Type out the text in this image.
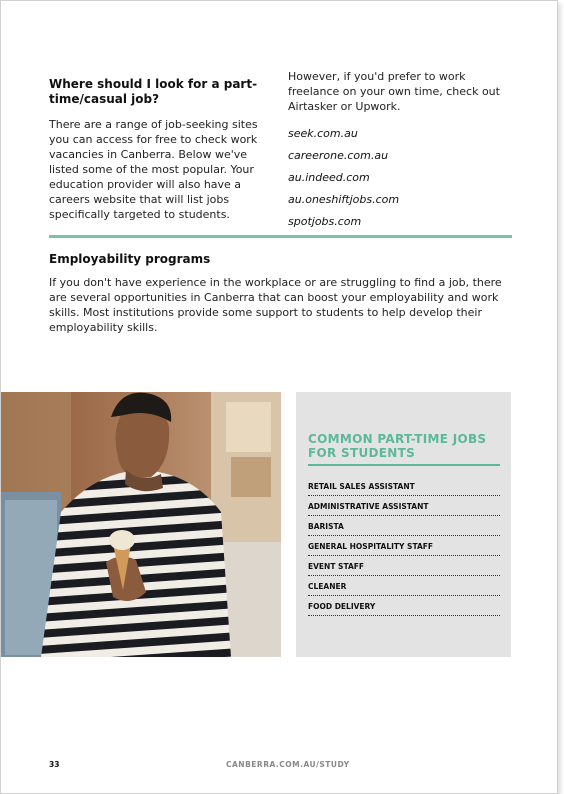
Where should I look for a part-time/casual job?

There are a range of job-seeking sites you can access for free to check work vacancies in Canberra. Below we've listed some of the most popular. Your education provider will also have a careers website that will list jobs specifically targeted to students.

However, if you'd prefer to work freelance on your own time, check out Airtasker or Upwork.

seek.com.au
careerone.com.au
au.indeed.com
au.oneshiftjobs.com
spotjobs.com
Employability programs

If you don't have experience in the workplace or are struggling to find a job, there are several opportunities in Canberra that can boost your employability and work skills. Most institutions provide some support to students to help develop their employability skills.

COMMON PART-TIME JOBS FOR STUDENTS
RETAIL SALES ASSISTANT
ADMINISTRATIVE ASSISTANT
BARISTA
GENERAL HOSPITALITY STAFF
EVENT STAFF
CLEANER
FOOD DELIVERY
33	CANBERRA.COM.AU/STUDY
